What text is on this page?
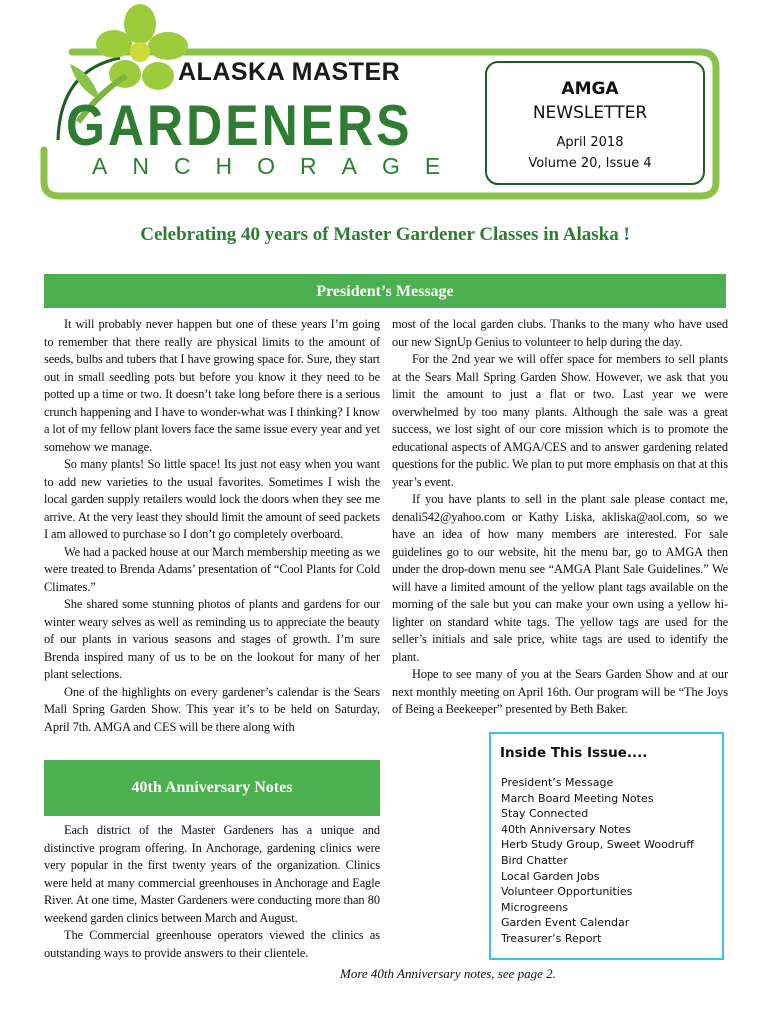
ALASKA MASTER
GARDENERS
ANCHORAGE
AMGA
NEWSLETTER
April 2018
Volume 20, Issue 4
Celebrating 40 years of Master Gardener Classes in Alaska !
President’s Message

It will probably never happen but one of these years I’m going to remember that there really are physical limits to the amount of seeds, bulbs and tubers that I have growing space for. Sure, they start out in small seedling pots but before you know it they need to be potted up a time or two. It doesn’t take long before there is a serious crunch happening and I have to wonder-what was I thinking? I know a lot of my fellow plant lovers face the same issue every year and yet somehow we manage.

So many plants! So little space! Its just not easy when you want to add new varieties to the usual favorites. Sometimes I wish the local garden supply retailers would lock the doors when they see me arrive. At the very least they should limit the amount of seed packets I am allowed to purchase so I don’t go completely overboard.

We had a packed house at our March membership meeting as we were treated to Brenda Adams’ presentation of “Cool Plants for Cold Climates.”

She shared some stunning photos of plants and gardens for our winter weary selves as well as reminding us to appreciate the beauty of our plants in various seasons and stages of growth. I’m sure Brenda inspired many of us to be on the lookout for many of her plant selections.

One of the highlights on every gardener’s calendar is the Sears Mall Spring Garden Show. This year it’s to be held on Saturday, April 7th. AMGA and CES will be there along with

most of the local garden clubs. Thanks to the many who have used our new SignUp Genius to volunteer to help during the day.

For the 2nd year we will offer space for members to sell plants at the Sears Mall Spring Garden Show. However, we ask that you limit the amount to just a flat or two. Last year we were overwhelmed by too many plants. Although the sale was a great success, we lost sight of our core mission which is to promote the educational aspects of AMGA/CES and to answer gardening related questions for the public. We plan to put more emphasis on that at this year’s event.

If you have plants to sell in the plant sale please contact me, denali542@yahoo.com or Kathy Liska, akliska@aol.com, so we have an idea of how many members are interested. For sale guidelines go to our website, hit the menu bar, go to AMGA then under the drop-down menu see “AMGA Plant Sale Guidelines.” We will have a limited amount of the yellow plant tags available on the morning of the sale but you can make your own using a yellow hi-lighter on standard white tags. The yellow tags are used for the seller’s initials and sale price, white tags are used to identify the plant.

Hope to see many of you at the Sears Garden Show and at our next monthly meeting on April 16th. Our program will be “The Joys of Being a Beekeeper” presented by Beth Baker.

40th Anniversary Notes

Each district of the Master Gardeners has a unique and distinctive program offering. In Anchorage, gardening clinics were very popular in the first twenty years of the organization. Clinics were held at many commercial greenhouses in Anchorage and Eagle River. At one time, Master Gardeners were conducting more than 80 weekend garden clinics between March and August.

The Commercial greenhouse operators viewed the clinics as outstanding ways to provide answers to their clientele.

More 40th Anniversary notes, see page 2.
Inside This Issue....
President’s Message
March Board Meeting Notes
Stay Connected
40th Anniversary Notes
Herb Study Group, Sweet Woodruff
Bird Chatter
Local Garden Jobs
Volunteer Opportunities
Microgreens
Garden Event Calendar
Treasurer’s Report
